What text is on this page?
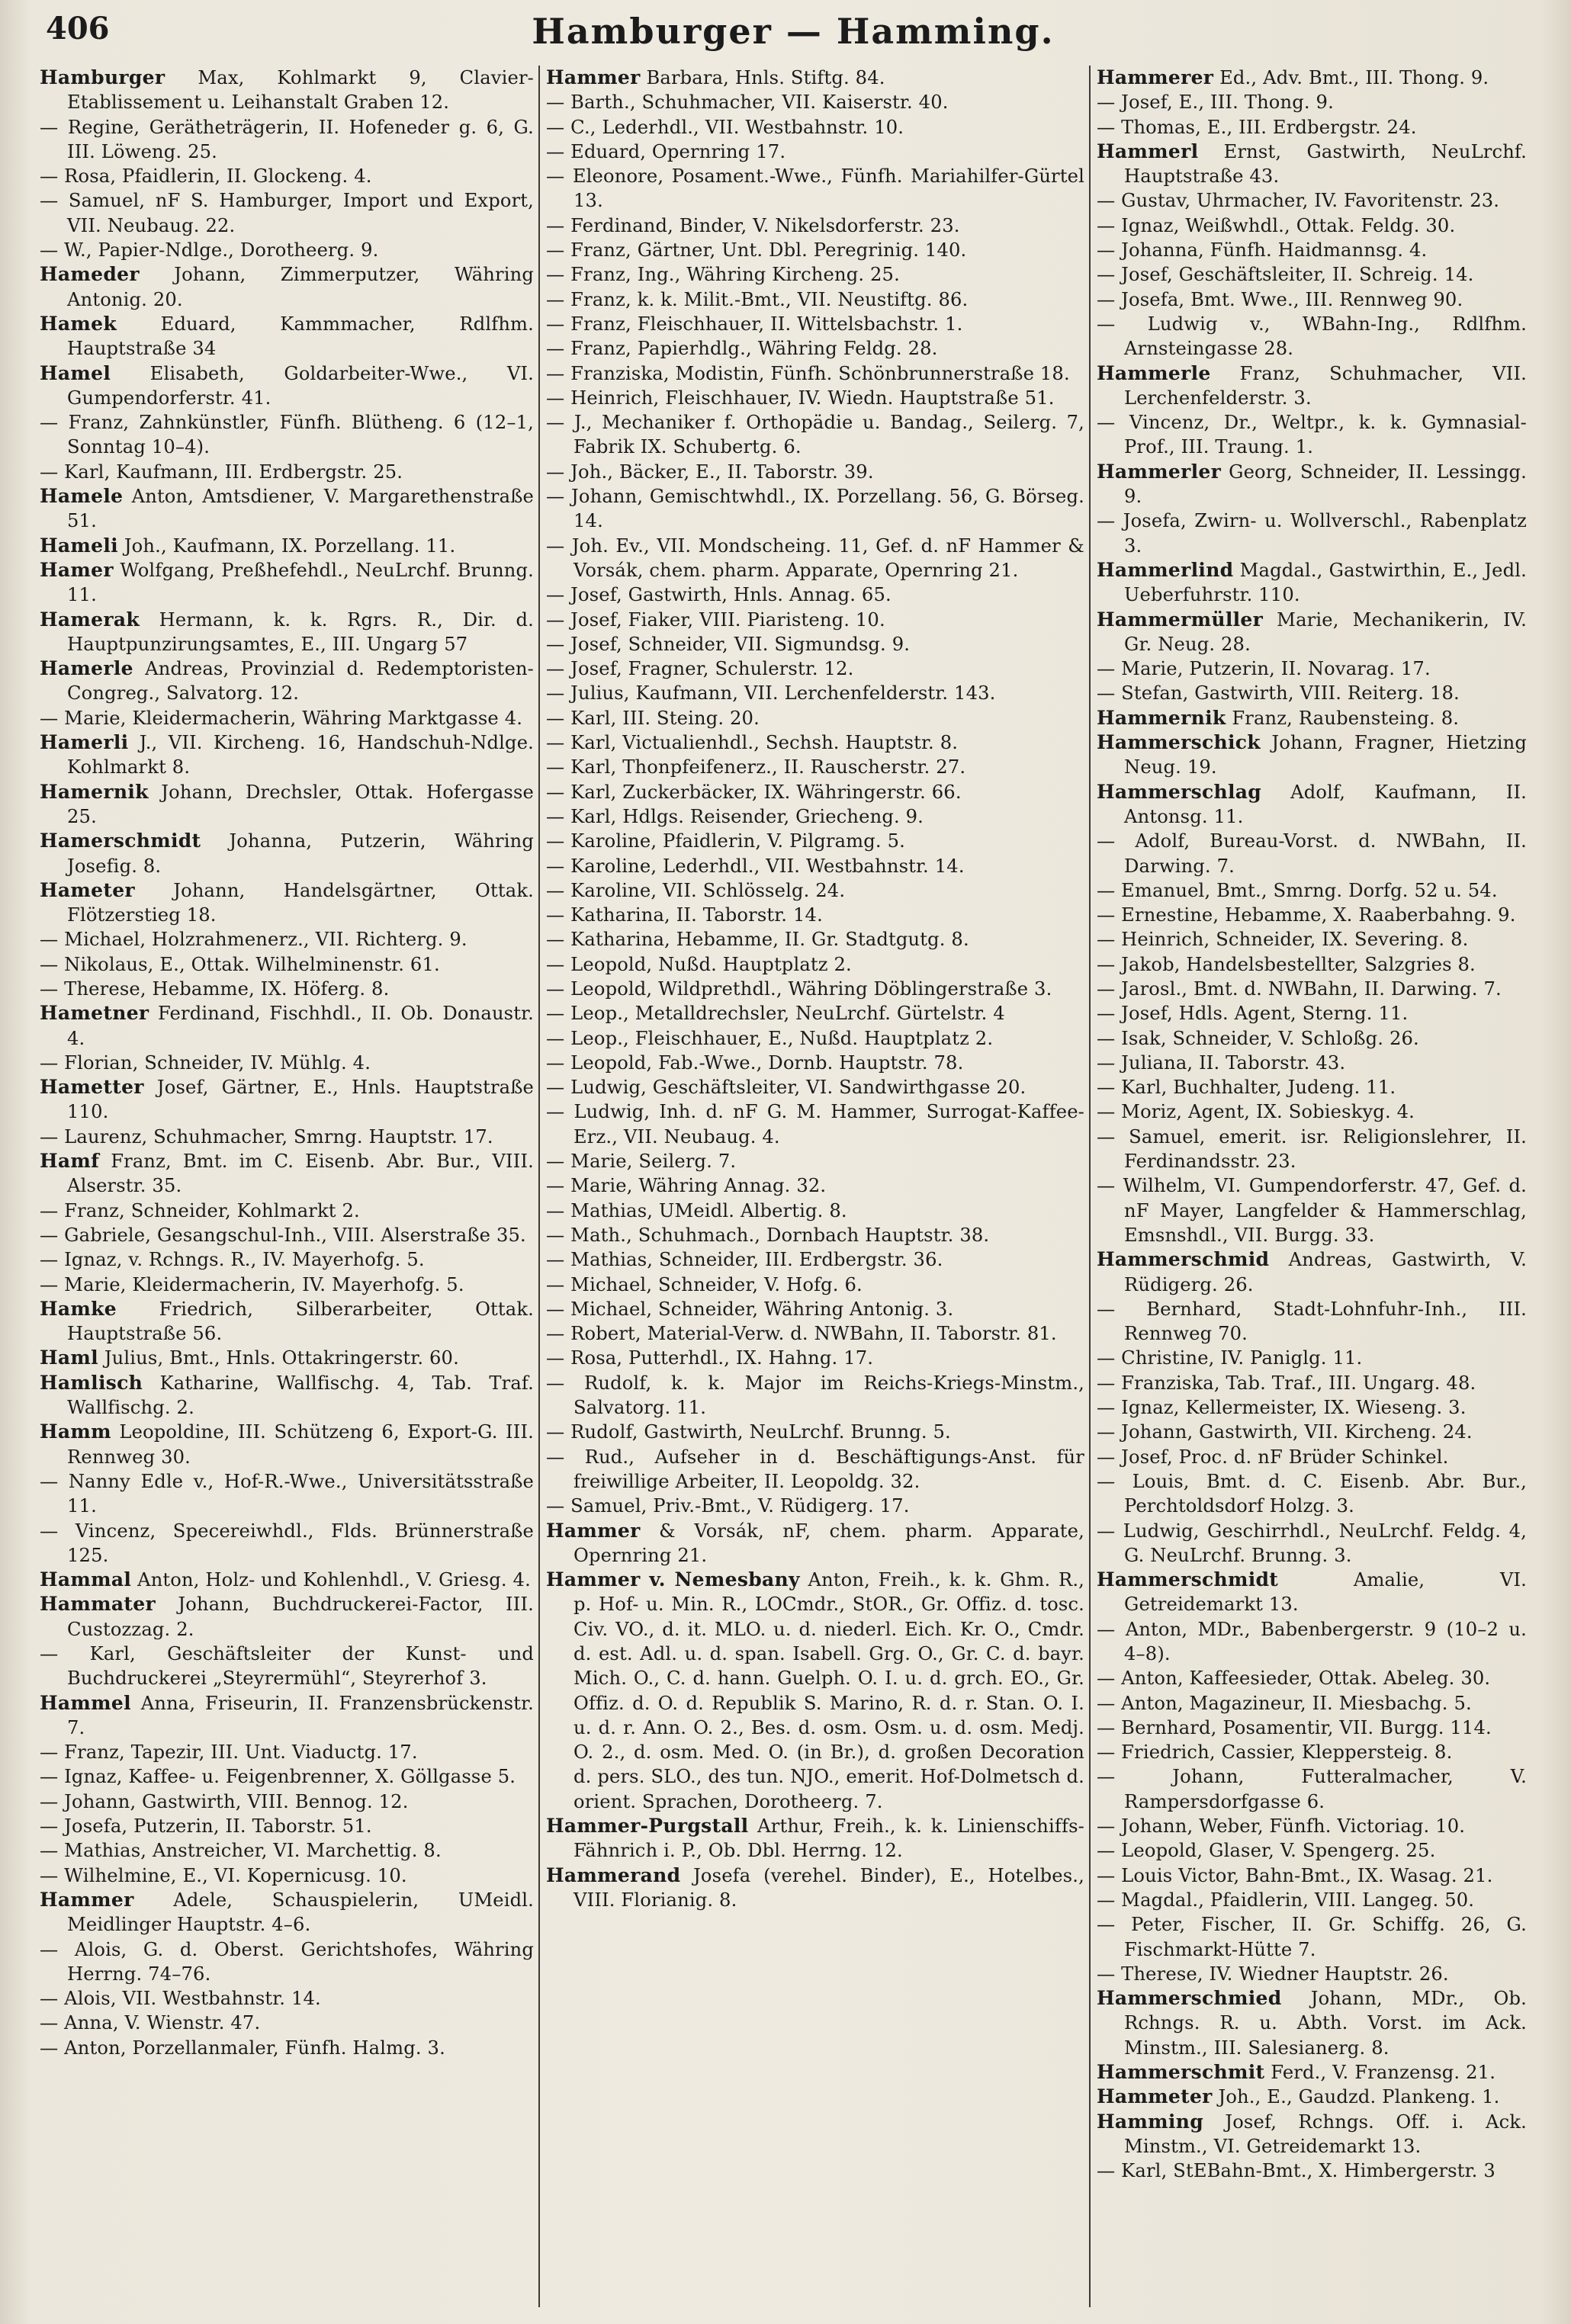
406	Hamburger — Hamming.

Hamburger Max, Kohlmarkt 9, Clavier-Etablissement u. Leihanstalt Graben 12.

— Regine, Gerätheträgerin, II. Hofeneder g. 6, G. III. Löweng. 25.

— Rosa, Pfaidlerin, II. Glockeng. 4.

— Samuel, nF S. Hamburger, Import und Export, VII. Neubaug. 22.

— W., Papier-Ndlge., Dorotheerg. 9.

Hameder Johann, Zimmerputzer, Währing Antonig. 20.

Hamek Eduard, Kammmacher, Rdlfhm. Hauptstraße 34

Hamel Elisabeth, Goldarbeiter-Wwe., VI. Gumpendorferstr. 41.

— Franz, Zahnkünstler, Fünfh. Blütheng. 6 (12–1, Sonntag 10–4).

— Karl, Kaufmann, III. Erdbergstr. 25.

Hamele Anton, Amtsdiener, V. Margarethenstraße 51.

Hameli Joh., Kaufmann, IX. Porzellang. 11.

Hamer Wolfgang, Preßhefehdl., NeuLrchf. Brunng. 11.

Hamerak Hermann, k. k. Rgrs. R., Dir. d. Hauptpunzirungsamtes, E., III. Ungarg 57

Hamerle Andreas, Provinzial d. Redemptoristen-Congreg., Salvatorg. 12.

— Marie, Kleidermacherin, Währing Marktgasse 4.

Hamerli J., VII. Kircheng. 16, Handschuh-Ndlge. Kohlmarkt 8.

Hamernik Johann, Drechsler, Ottak. Hofergasse 25.

Hamerschmidt Johanna, Putzerin, Währing Josefig. 8.

Hameter Johann, Handelsgärtner, Ottak. Flötzerstieg 18.

— Michael, Holzrahmenerz., VII. Richterg. 9.

— Nikolaus, E., Ottak. Wilhelminenstr. 61.

— Therese, Hebamme, IX. Höferg. 8.

Hametner Ferdinand, Fischhdl., II. Ob. Donaustr. 4.

— Florian, Schneider, IV. Mühlg. 4.

Hametter Josef, Gärtner, E., Hnls. Hauptstraße 110.

— Laurenz, Schuhmacher, Smrng. Hauptstr. 17.

Hamf Franz, Bmt. im C. Eisenb. Abr. Bur., VIII. Alserstr. 35.

— Franz, Schneider, Kohlmarkt 2.

— Gabriele, Gesangschul-Inh., VIII. Alserstraße 35.

— Ignaz, v. Rchngs. R., IV. Mayerhofg. 5.

— Marie, Kleidermacherin, IV. Mayerhofg. 5.

Hamke Friedrich, Silberarbeiter, Ottak. Hauptstraße 56.

Haml Julius, Bmt., Hnls. Ottakringerstr. 60.

Hamlisch Katharine, Wallfischg. 4, Tab. Traf. Wallfischg. 2.

Hamm Leopoldine, III. Schützeng 6, Export-G. III. Rennweg 30.

— Nanny Edle v., Hof-R.-Wwe., Universitätsstraße 11.

— Vincenz, Specereiwhdl., Flds. Brünnerstraße 125.

Hammal Anton, Holz- und Kohlenhdl., V. Griesg. 4.

Hammater Johann, Buchdruckerei-Factor, III. Custozzag. 2.

— Karl, Geschäftsleiter der Kunst- und Buchdruckerei „Steyrermühl“, Steyrerhof 3.

Hammel Anna, Friseurin, II. Franzensbrückenstr. 7.

— Franz, Tapezir, III. Unt. Viaductg. 17.

— Ignaz, Kaffee- u. Feigenbrenner, X. Göllgasse 5.

— Johann, Gastwirth, VIII. Bennog. 12.

— Josefa, Putzerin, II. Taborstr. 51.

— Mathias, Anstreicher, VI. Marchettig. 8.

— Wilhelmine, E., VI. Kopernicusg. 10.

Hammer Adele, Schauspielerin, UMeidl. Meidlinger Hauptstr. 4–6.

— Alois, G. d. Oberst. Gerichtshofes, Währing Herrng. 74–76.

— Alois, VII. Westbahnstr. 14.

— Anna, V. Wienstr. 47.

— Anton, Porzellanmaler, Fünfh. Halmg. 3.

Hammer Barbara, Hnls. Stiftg. 84.

— Barth., Schuhmacher, VII. Kaiserstr. 40.

— C., Lederhdl., VII. Westbahnstr. 10.

— Eduard, Opernring 17.

— Eleonore, Posament.-Wwe., Fünfh. Mariahilfer-Gürtel 13.

— Ferdinand, Binder, V. Nikelsdorferstr. 23.

— Franz, Gärtner, Unt. Dbl. Peregrinig. 140.

— Franz, Ing., Währing Kircheng. 25.

— Franz, k. k. Milit.-Bmt., VII. Neustiftg. 86.

— Franz, Fleischhauer, II. Wittelsbachstr. 1.

— Franz, Papierhdlg., Währing Feldg. 28.

— Franziska, Modistin, Fünfh. Schönbrunnerstraße 18.

— Heinrich, Fleischhauer, IV. Wiedn. Hauptstraße 51.

— J., Mechaniker f. Orthopädie u. Bandag., Seilerg. 7, Fabrik IX. Schubertg. 6.

— Joh., Bäcker, E., II. Taborstr. 39.

— Johann, Gemischtwhdl., IX. Porzellang. 56, G. Börseg. 14.

— Joh. Ev., VII. Mondscheing. 11, Gef. d. nF Hammer & Vorsák, chem. pharm. Apparate, Opernring 21.

— Josef, Gastwirth, Hnls. Annag. 65.

— Josef, Fiaker, VIII. Piaristeng. 10.

— Josef, Schneider, VII. Sigmundsg. 9.

— Josef, Fragner, Schulerstr. 12.

— Julius, Kaufmann, VII. Lerchenfelderstr. 143.

— Karl, III. Steing. 20.

— Karl, Victualienhdl., Sechsh. Hauptstr. 8.

— Karl, Thonpfeifenerz., II. Rauscherstr. 27.

— Karl, Zuckerbäcker, IX. Währingerstr. 66.

— Karl, Hdlgs. Reisender, Griecheng. 9.

— Karoline, Pfaidlerin, V. Pilgramg. 5.

— Karoline, Lederhdl., VII. Westbahnstr. 14.

— Karoline, VII. Schlösselg. 24.

— Katharina, II. Taborstr. 14.

— Katharina, Hebamme, II. Gr. Stadtgutg. 8.

— Leopold, Nußd. Hauptplatz 2.

— Leopold, Wildprethdl., Währing Döblingerstraße 3.

— Leop., Metalldrechsler, NeuLrchf. Gürtelstr. 4

— Leop., Fleischhauer, E., Nußd. Hauptplatz 2.

— Leopold, Fab.-Wwe., Dornb. Hauptstr. 78.

— Ludwig, Geschäftsleiter, VI. Sandwirthgasse 20.

— Ludwig, Inh. d. nF G. M. Hammer, Surrogat-Kaffee-Erz., VII. Neubaug. 4.

— Marie, Seilerg. 7.

— Marie, Währing Annag. 32.

— Mathias, UMeidl. Albertig. 8.

— Math., Schuhmach., Dornbach Hauptstr. 38.

— Mathias, Schneider, III. Erdbergstr. 36.

— Michael, Schneider, V. Hofg. 6.

— Michael, Schneider, Währing Antonig. 3.

— Robert, Material-Verw. d. NWBahn, II. Taborstr. 81.

— Rosa, Putterhdl., IX. Hahng. 17.

— Rudolf, k. k. Major im Reichs-Kriegs-Minstm., Salvatorg. 11.

— Rudolf, Gastwirth, NeuLrchf. Brunng. 5.

— Rud., Aufseher in d. Beschäftigungs-Anst. für freiwillige Arbeiter, II. Leopoldg. 32.

— Samuel, Priv.-Bmt., V. Rüdigerg. 17.

Hammer & Vorsák, nF, chem. pharm. Apparate, Opernring 21.

Hammer v. Nemesbany Anton, Freih., k. k. Ghm. R., p. Hof- u. Min. R., LOCmdr., StOR., Gr. Offiz. d. tosc. Civ. VO., d. it. MLO. u. d. niederl. Eich. Kr. O., Cmdr. d. est. Adl. u. d. span. Isabell. Grg. O., Gr. C. d. bayr. Mich. O., C. d. hann. Guelph. O. I. u. d. grch. EO., Gr. Offiz. d. O. d. Republik S. Marino, R. d. r. Stan. O. I. u. d. r. Ann. O. 2., Bes. d. osm. Osm. u. d. osm. Medj. O. 2., d. osm. Med. O. (in Br.), d. großen Decoration d. pers. SLO., des tun. NJO., emerit. Hof-Dolmetsch d. orient. Sprachen, Dorotheerg. 7.

Hammer-Purgstall Arthur, Freih., k. k. Linienschiffs-Fähnrich i. P., Ob. Dbl. Herrng. 12.

Hammerand Josefa (verehel. Binder), E., Hotelbes., VIII. Florianig. 8.

Hammerer Ed., Adv. Bmt., III. Thong. 9.

— Josef, E., III. Thong. 9.

— Thomas, E., III. Erdbergstr. 24.

Hammerl Ernst, Gastwirth, NeuLrchf. Hauptstraße 43.

— Gustav, Uhrmacher, IV. Favoritenstr. 23.

— Ignaz, Weißwhdl., Ottak. Feldg. 30.

— Johanna, Fünfh. Haidmannsg. 4.

— Josef, Geschäftsleiter, II. Schreig. 14.

— Josefa, Bmt. Wwe., III. Rennweg 90.

— Ludwig v., WBahn-Ing., Rdlfhm. Arnsteingasse 28.

Hammerle Franz, Schuhmacher, VII. Lerchenfelderstr. 3.

— Vincenz, Dr., Weltpr., k. k. Gymnasial-Prof., III. Traung. 1.

Hammerler Georg, Schneider, II. Lessingg. 9.

— Josefa, Zwirn- u. Wollverschl., Rabenplatz 3.

Hammerlind Magdal., Gastwirthin, E., Jedl. Ueberfuhrstr. 110.

Hammermüller Marie, Mechanikerin, IV. Gr. Neug. 28.

— Marie, Putzerin, II. Novarag. 17.

— Stefan, Gastwirth, VIII. Reiterg. 18.

Hammernik Franz, Raubensteing. 8.

Hammerschick Johann, Fragner, Hietzing Neug. 19.

Hammerschlag Adolf, Kaufmann, II. Antonsg. 11.

— Adolf, Bureau-Vorst. d. NWBahn, II. Darwing. 7.

— Emanuel, Bmt., Smrng. Dorfg. 52 u. 54.

— Ernestine, Hebamme, X. Raaberbahng. 9.

— Heinrich, Schneider, IX. Severing. 8.

— Jakob, Handelsbestellter, Salzgries 8.

— Jarosl., Bmt. d. NWBahn, II. Darwing. 7.

— Josef, Hdls. Agent, Sterng. 11.

— Isak, Schneider, V. Schloßg. 26.

— Juliana, II. Taborstr. 43.

— Karl, Buchhalter, Judeng. 11.

— Moriz, Agent, IX. Sobieskyg. 4.

— Samuel, emerit. isr. Religionslehrer, II. Ferdinandsstr. 23.

— Wilhelm, VI. Gumpendorferstr. 47, Gef. d. nF Mayer, Langfelder & Hammerschlag, Emsnshdl., VII. Burgg. 33.

Hammerschmid Andreas, Gastwirth, V. Rüdigerg. 26.

— Bernhard, Stadt-Lohnfuhr-Inh., III. Rennweg 70.

— Christine, IV. Paniglg. 11.

— Franziska, Tab. Traf., III. Ungarg. 48.

— Ignaz, Kellermeister, IX. Wieseng. 3.

— Johann, Gastwirth, VII. Kircheng. 24.

— Josef, Proc. d. nF Brüder Schinkel.

— Louis, Bmt. d. C. Eisenb. Abr. Bur., Perchtoldsdorf Holzg. 3.

— Ludwig, Geschirrhdl., NeuLrchf. Feldg. 4, G. NeuLrchf. Brunng. 3.

Hammerschmidt Amalie, VI. Getreidemarkt 13.

— Anton, MDr., Babenbergerstr. 9 (10–2 u. 4–8).

— Anton, Kaffeesieder, Ottak. Abeleg. 30.

— Anton, Magazineur, II. Miesbachg. 5.

— Bernhard, Posamentir, VII. Burgg. 114.

— Friedrich, Cassier, Kleppersteig. 8.

— Johann, Futteralmacher, V. Rampersdorfgasse 6.

— Johann, Weber, Fünfh. Victoriag. 10.

— Leopold, Glaser, V. Spengerg. 25.

— Louis Victor, Bahn-Bmt., IX. Wasag. 21.

— Magdal., Pfaidlerin, VIII. Langeg. 50.

— Peter, Fischer, II. Gr. Schiffg. 26, G. Fischmarkt-Hütte 7.

— Therese, IV. Wiedner Hauptstr. 26.

Hammerschmied Johann, MDr., Ob. Rchngs. R. u. Abth. Vorst. im Ack. Minstm., III. Salesianerg. 8.

Hammerschmit Ferd., V. Franzensg. 21.

Hammeter Joh., E., Gaudzd. Plankeng. 1.

Hamming Josef, Rchngs. Off. i. Ack. Minstm., VI. Getreidemarkt 13.

— Karl, StEBahn-Bmt., X. Himbergerstr. 3
